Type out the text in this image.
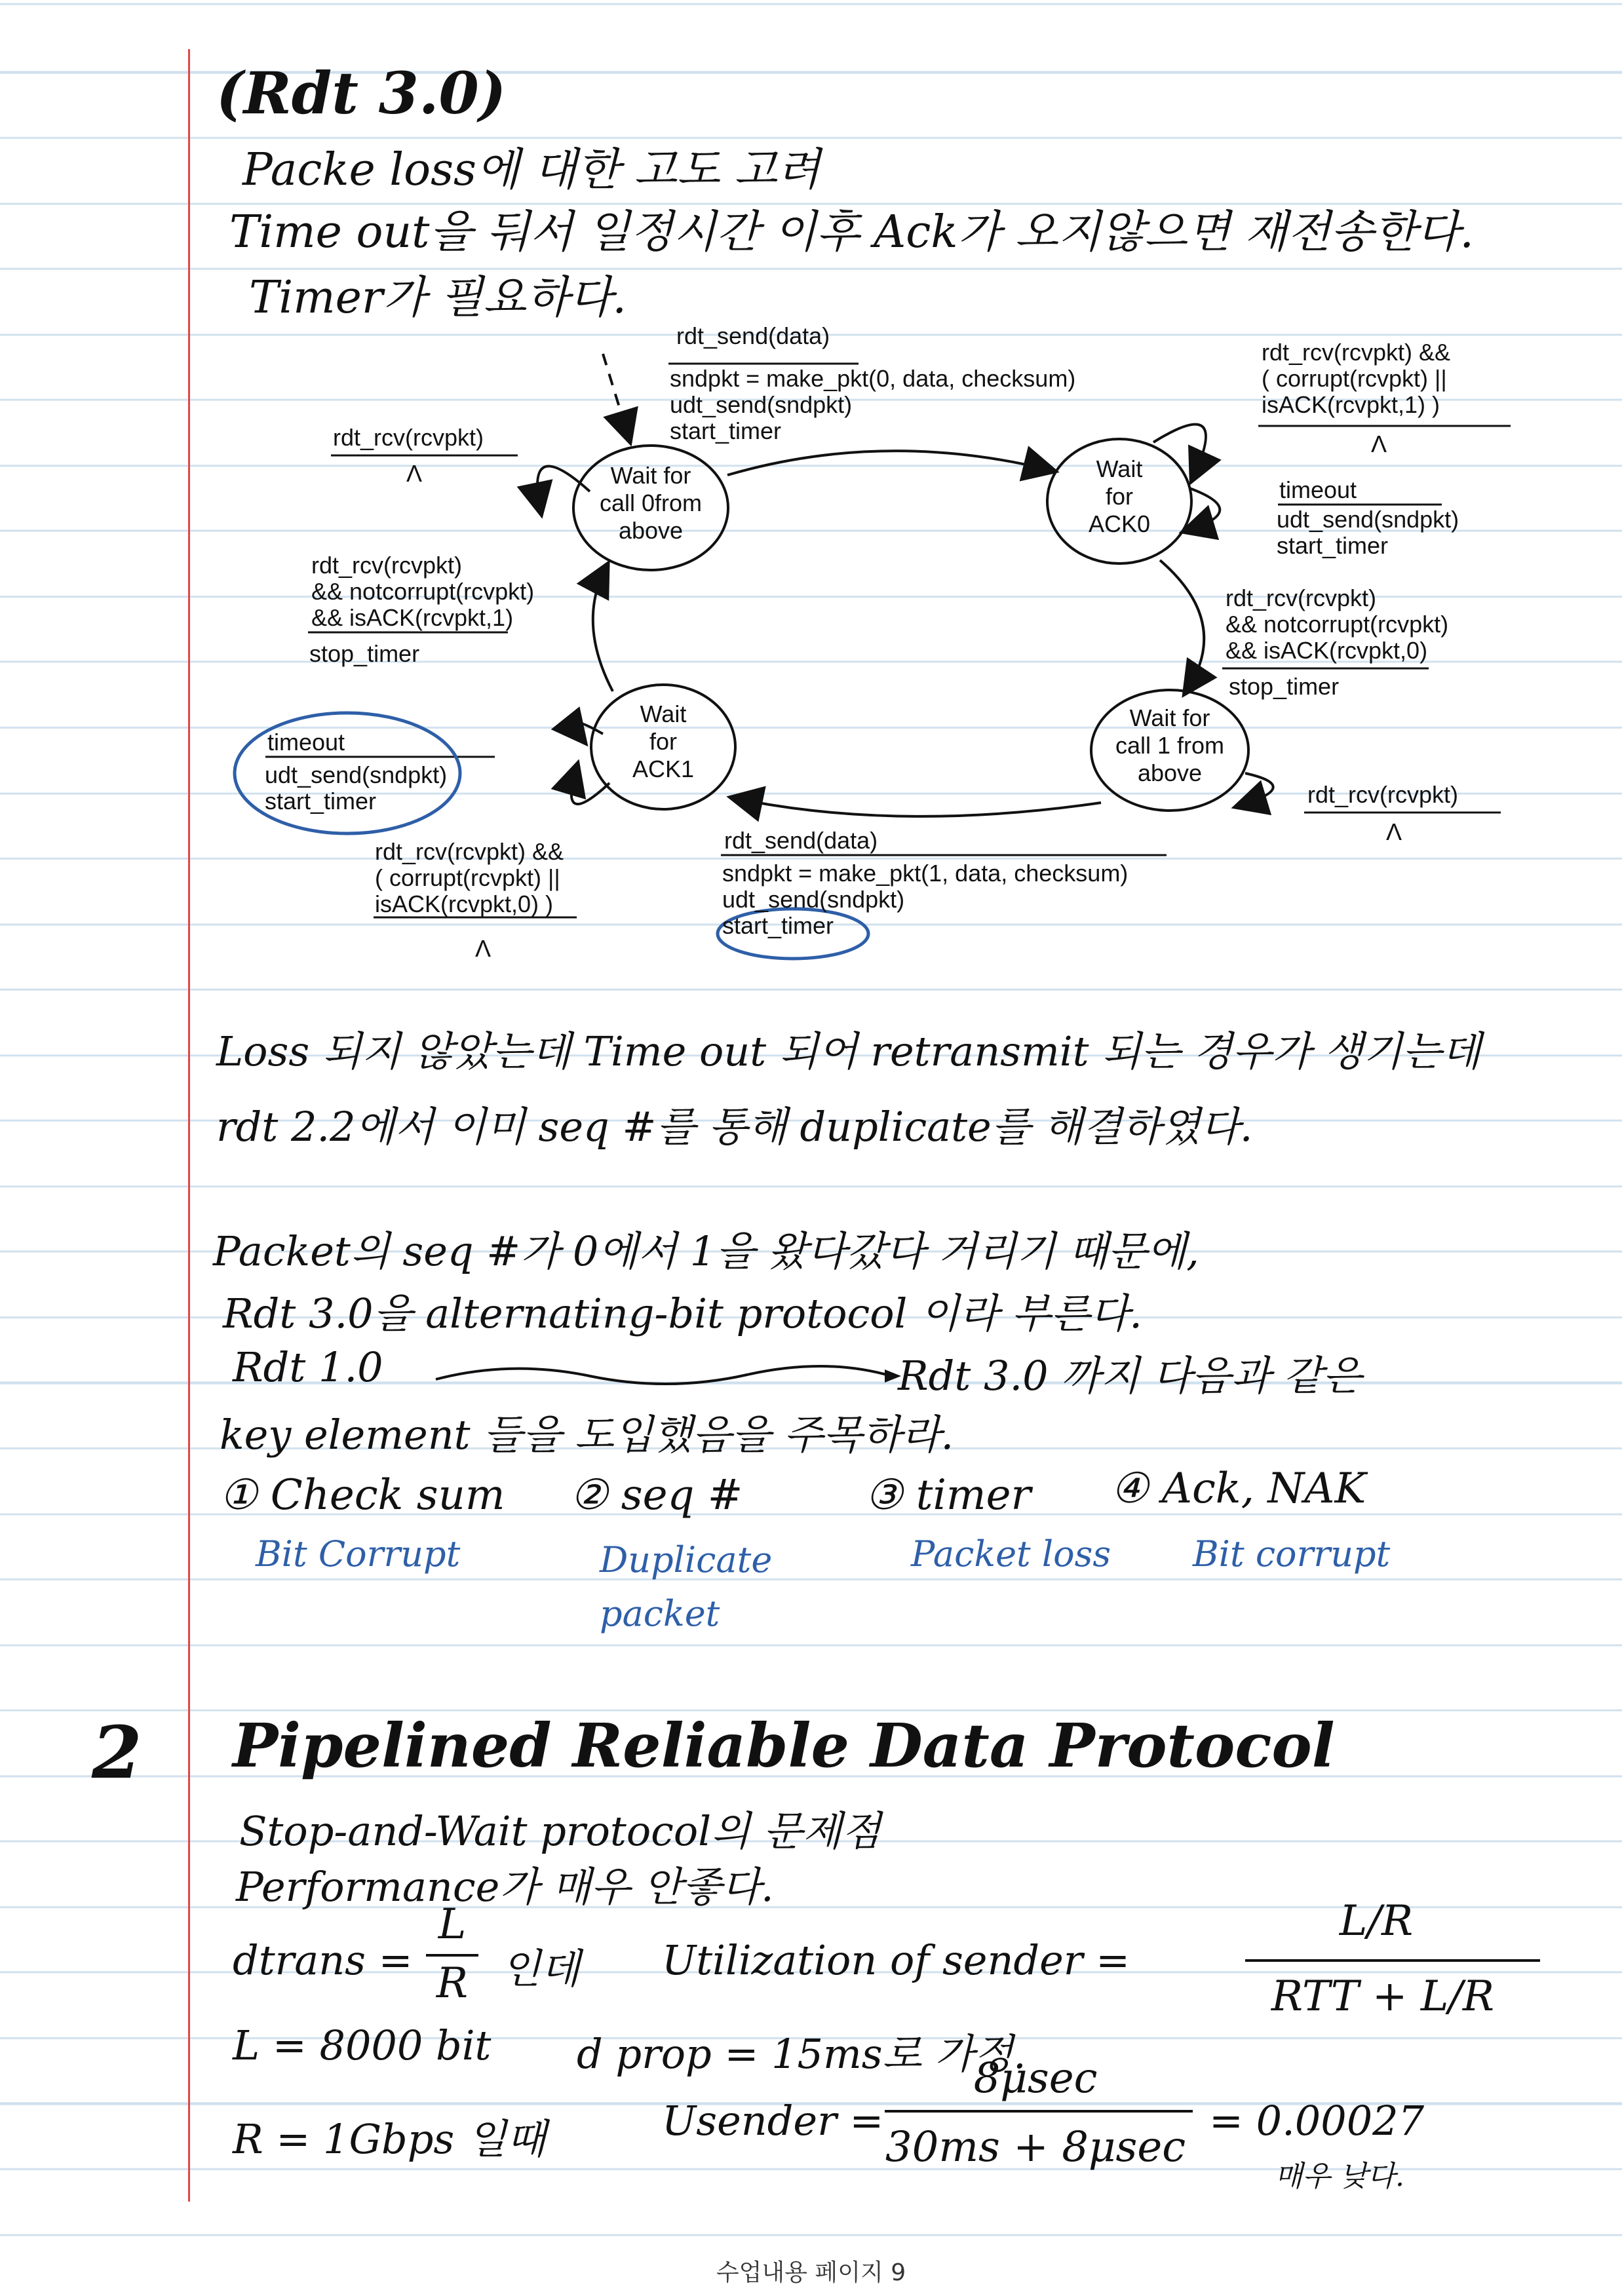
(Rdt 3.0)
Packe loss에 대한 고도 고려
Time out을 둬서 일정시간 이후 Ack가 오지않으면 재전송한다.
Timer가 필요하다.
rdt_send(data)
sndpkt = make_pkt(0, data, checksum)
udt_send(sndpkt)
start_timer
rdt_rcv(rcvpkt) &&
( corrupt(rcvpkt) ||
isACK(rcvpkt,1) )
Λ
rdt_rcv(rcvpkt)
Λ	Wait for
call 0from
above
Wait
for
ACK0
timeout
udt_send(sndpkt)
start_timer
rdt_rcv(rcvpkt)
&& notcorrupt(rcvpkt)
&& isACK(rcvpkt,1)
stop_timer
rdt_rcv(rcvpkt)
&& notcorrupt(rcvpkt)
&& isACK(rcvpkt,0)
stop_timer
timeout
udt_send(sndpkt)
start_timer
Wait
for
ACK1
Wait for
call 1 from
above
rdt_rcv(rcvpkt)
Λ
rdt_send(data)
sndpkt = make_pkt(1, data, checksum)
udt_send(sndpkt)
start_timer
rdt_rcv(rcvpkt) &&
( corrupt(rcvpkt) ||
isACK(rcvpkt,0) )
Λ
Loss 되지 않았는데 Time out 되어 retransmit 되는 경우가 생기는데
rdt 2.2에서 이미 seq #를 통해 duplicate를 해결하였다.
Packet의 seq #가 0에서 1을 왔다갔다 거리기 때문에,
Rdt 3.0을 alternating-bit protocol 이라 부른다.
Rdt 1.0	Rdt 3.0 까지 다음과 같은
key element 들을 도입했음을 주목하라.
① Check sum
Bit Corrupt
② seq #
Duplicate packet
③ timer
Packet loss
④ Ack, NAK
Bit corrupt
2 Pipelined Reliable Data Protocol
Stop-and-Wait protocol의 문제점
Performance가 매우 안좋다.
dtrans =
L
R 인데 Utilization of sender =
L/R
RTT + L/R
L = 8000 bit d prop = 15ms로 가정.
R = 1Gbps 일때	Usender =
8μsec
30ms + 8μsec
= 0.00027
매우 낮다.
수업내용 페이지 9
